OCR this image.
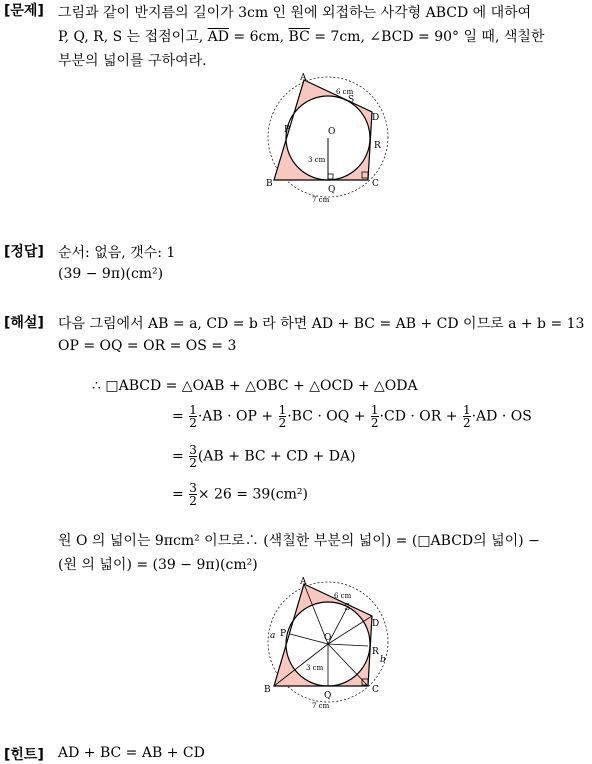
[문제] 그림과 같이 반지름의 길이가 3cm 인 원에 외접하는 사각형 ABCD 에 대하여
P, Q, R, S 는 접점이고, $\overline{AD} = 6cm$, $\overline{BC} = 7cm$, ∠BCD = 90° 일 때, 색칠한
부분의 넓이를 구하여라.
A
B	C
D
O
P
Q
R
S
6 cm
3 cm
7 cm
[정답] 순서: 없음, 갯수: 1
(39 − 9π)(cm²)
[해설] 다음 그림에서 AB = a, CD = b 라 하면 AD + BC = AB + CD 이므로 a + b = 13
OP = OQ = OR = OS = 3
∴ □ABCD = △OAB + △OBC + △OCD + △ODA
= $\frac{1}{2} \cdot AB$ · OP + $\frac{1}{2} \cdot BC$ · OQ + $\frac{1}{2} \cdot CD$ · OR + $\frac{1}{2} \cdot AD$ · OS
= $\frac{3}{2} (AB$ + BC + CD + DA)
= $\frac{3}{2} \times 26 = 39(cm^2)$
원 O 의 넓이는 9πcm² 이므로∴ (색칠한 부분의 넓이) = (□ABCD의 넓이) −
(원 의 넓이) = (39 − 9π)(cm²)
A
B	C
D
O
P
Q
R
S
a
b
6 cm
3 cm
7 cm
[힌트] AD + BC = AB + CD
